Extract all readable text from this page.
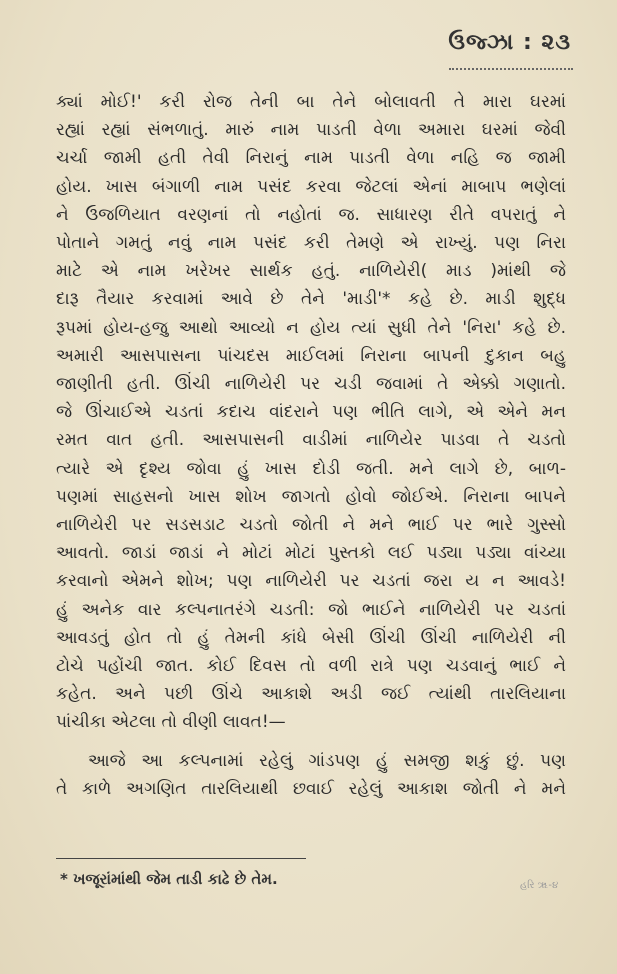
ઉજ્ઝા : ૨૩
ક્યાં મોઈ!' કરી રોજ તેની બા તેને બોલાવતી તે મારા ઘરમાં
રહ્યાં રહ્યાં સંભળાતું. મારું નામ પાડતી વેળા અમારા ઘરમાં જેવી
ચર્ચા જામી હતી તેવી નિરાનું નામ પાડતી વેળા નહિ જ જામી
હોય. ખાસ બંગાળી નામ પસંદ કરવા જેટલાં એનાં માબાપ ભણેલાં
ને ઉજળિયાત વરણનાં તો નહોતાં જ. સાધારણ રીતે વપરાતું ને
પોતાને ગમતું નવું નામ પસંદ કરી તેમણે એ રાખ્યું. પણ નિરા
માટે એ નામ ખરેખર સાર્થક હતું. નાળિયેરી( માડ )માંથી જે
દારૂ તૈયાર કરવામાં આવે છે તેને 'માડી'* કહે છે. માડી શુદ્ધ
રૂપમાં હોય-હજુ આથો આવ્યો ન હોય ત્યાં સુધી તેને 'નિરા' કહે છે.
અમારી આસપાસના પાંચદસ માઈલમાં નિરાના બાપની દુકાન બહુ
જાણીતી હતી. ઊંચી નાળિયેરી પર ચડી જવામાં તે એક્કો ગણાતો.
જે ઊંચાઈએ ચડતાં કદાચ વાંદરાને પણ ભીતિ લાગે, એ એને મન
રમત વાત હતી. આસપાસની વાડીમાં નાળિયેર પાડવા તે ચડતો
ત્યારે એ દૃશ્ય જોવા હું ખાસ દોડી જતી. મને લાગે છે, બાળ-
પણમાં સાહસનો ખાસ શોખ જાગતો હોવો જોઈએ. નિરાના બાપને
નાળિયેરી પર સડસડાટ ચડતો જોતી ને મને ભાઈ પર ભારે ગુસ્સો
આવતો. જાડાં જાડાં ને મોટાં મોટાં પુસ્તકો લઈ પડ્યા પડ્યા વાંચ્યા
કરવાનો એમને શોખ; પણ નાળિયેરી પર ચડતાં જરા ય ન આવડે!
હું અનેક વાર કલ્પનાતરંગે ચડતી: જો ભાઈને નાળિયેરી પર ચડતાં
આવડતું હોત તો હું તેમની કાંધે બેસી ઊંચી ઊંચી નાળિયેરી ની
ટોચે પહોંચી જાત. કોઈ દિવસ તો વળી રાત્રે પણ ચડવાનું ભાઈ ને
કહેત. અને પછી ઊંચે આકાશે અડી જઈ ત્યાંથી તારલિયાના
પાંચીકા એટલા તો વીણી લાવત!—
આજે આ કલ્પનામાં રહેલું ગાંડપણ હું સમજી શકું છું. પણ
તે કાળે અગણિત તારલિયાથી છવાઈ રહેલું આકાશ જોતી ને મને
* ખજૂરાંમાંથી જેમ તાડી કાઢે છે તેમ.	હરિ ૠ-૪
